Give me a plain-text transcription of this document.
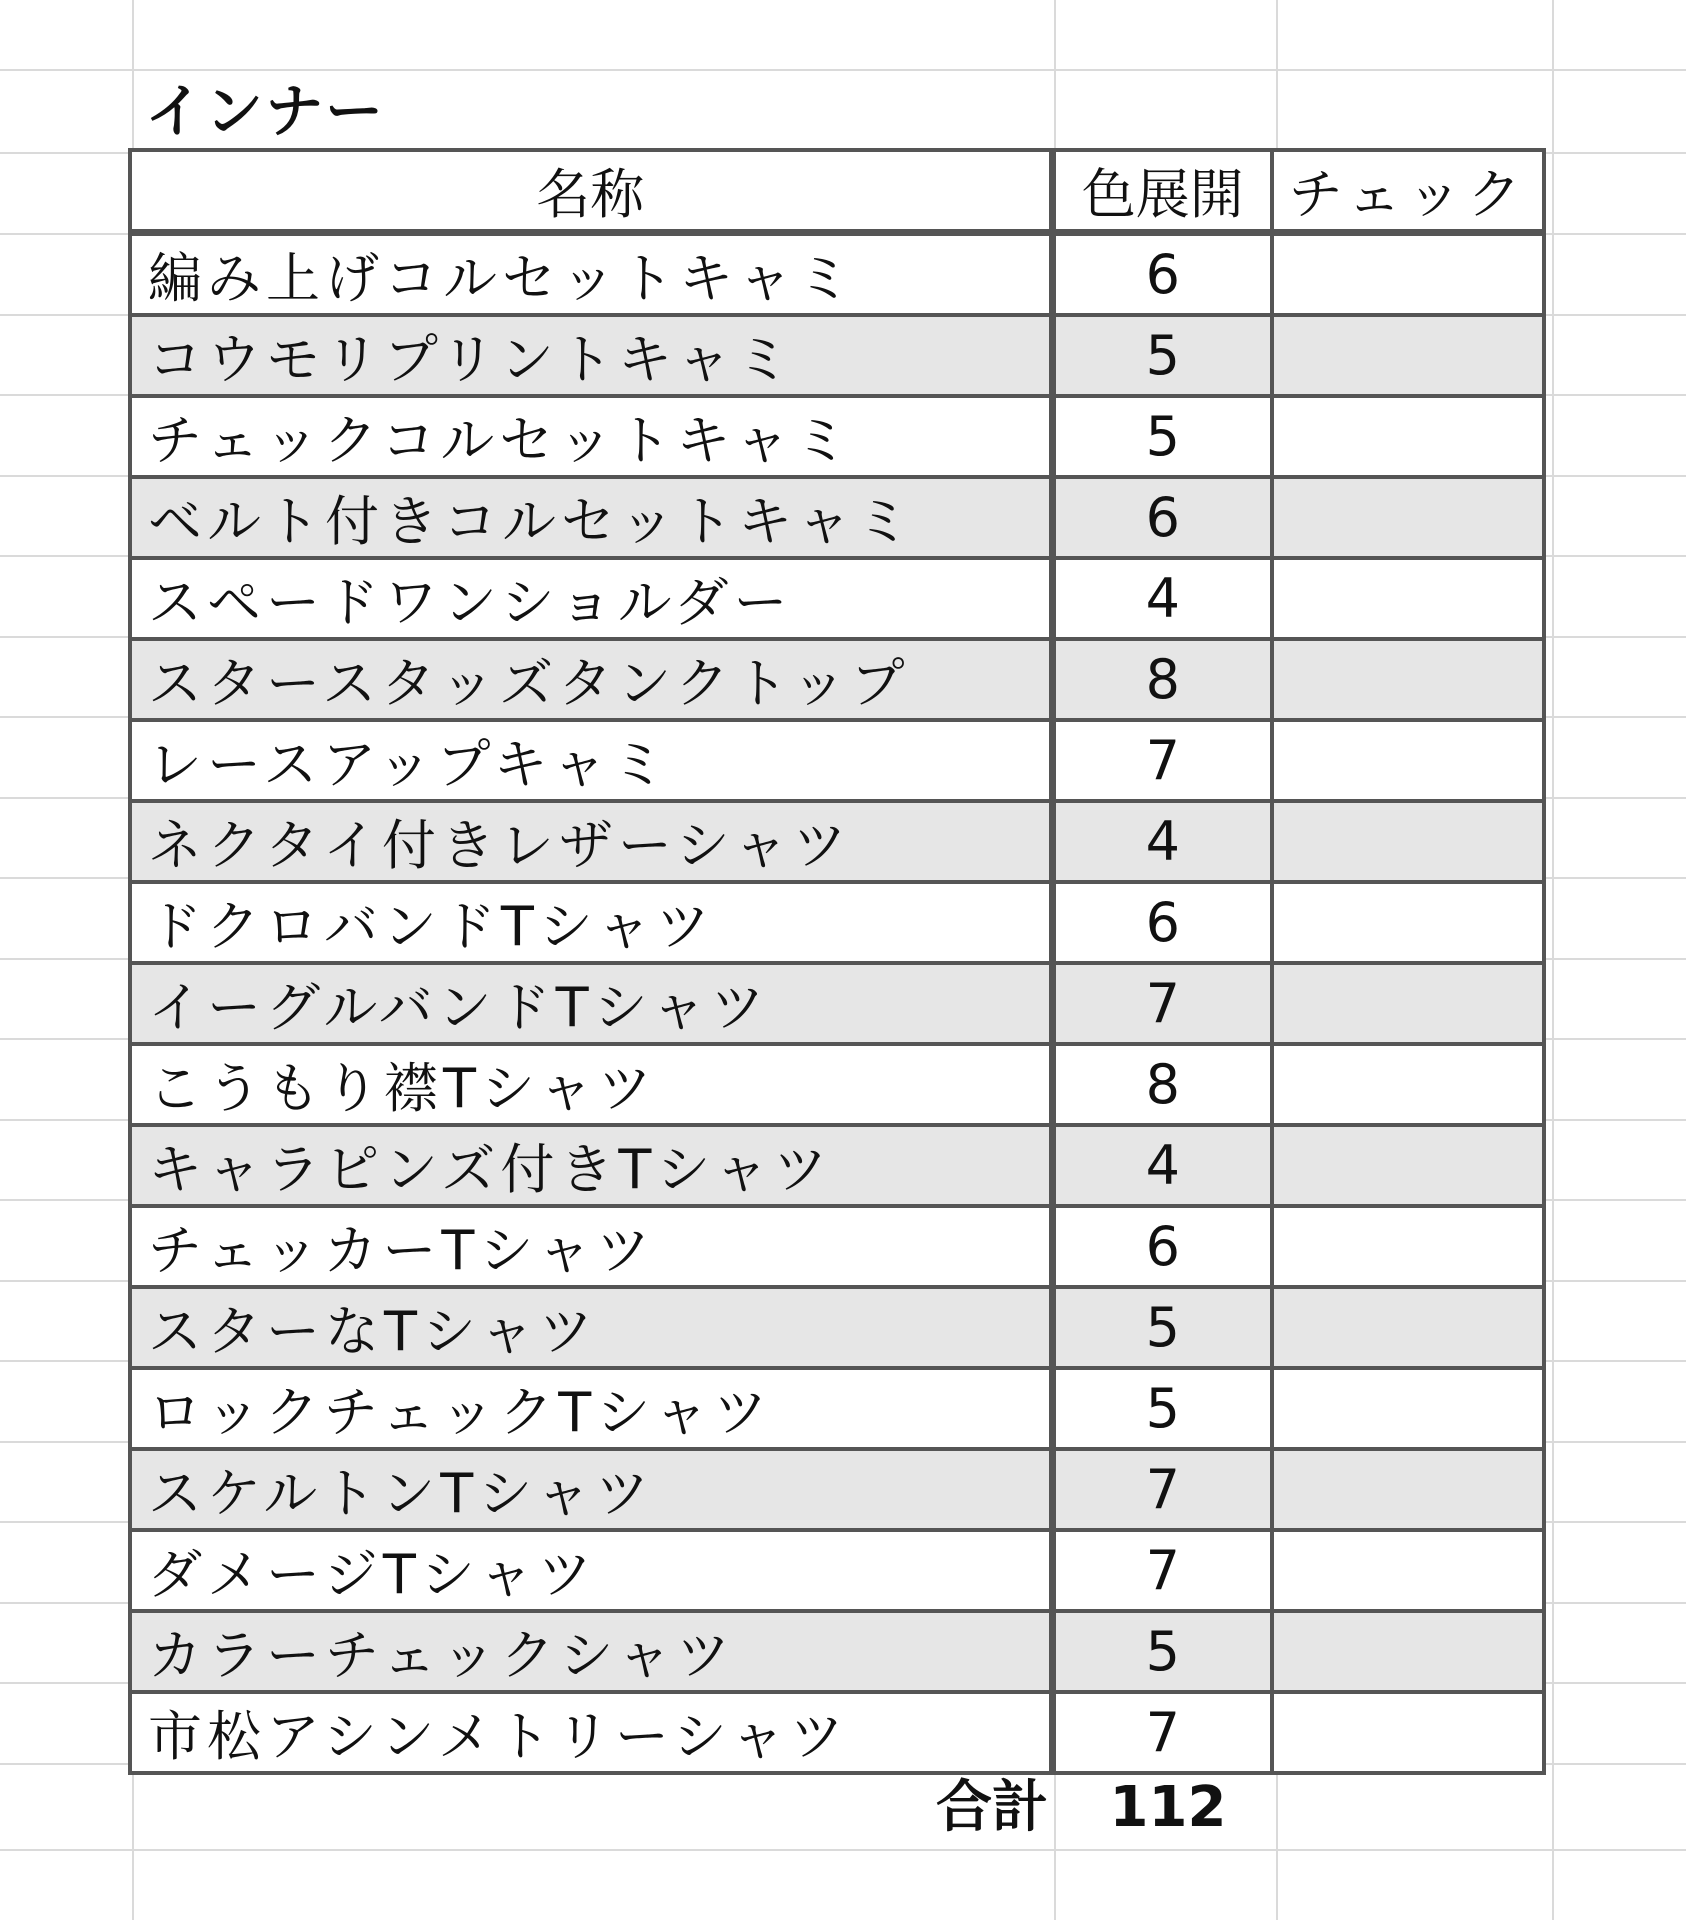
インナー
名称	色展開	チェック
編み上げコルセットキャミ	6	
コウモリプリントキャミ	5	
チェックコルセットキャミ	5	
ベルト付きコルセットキャミ	6	
スペードワンショルダー	4	
スタースタッズタンクトップ	8	
レースアップキャミ	7	
ネクタイ付きレザーシャツ	4	
ドクロバンドTシャツ	6	
イーグルバンドTシャツ	7	
こうもり襟Tシャツ	8	
キャラピンズ付きTシャツ	4	
チェッカーTシャツ	6	
スターなTシャツ	5	
ロックチェックTシャツ	5	
スケルトンTシャツ	7	
ダメージTシャツ	7	
カラーチェックシャツ	5	
市松アシンメトリーシャツ	7	
合計	112
